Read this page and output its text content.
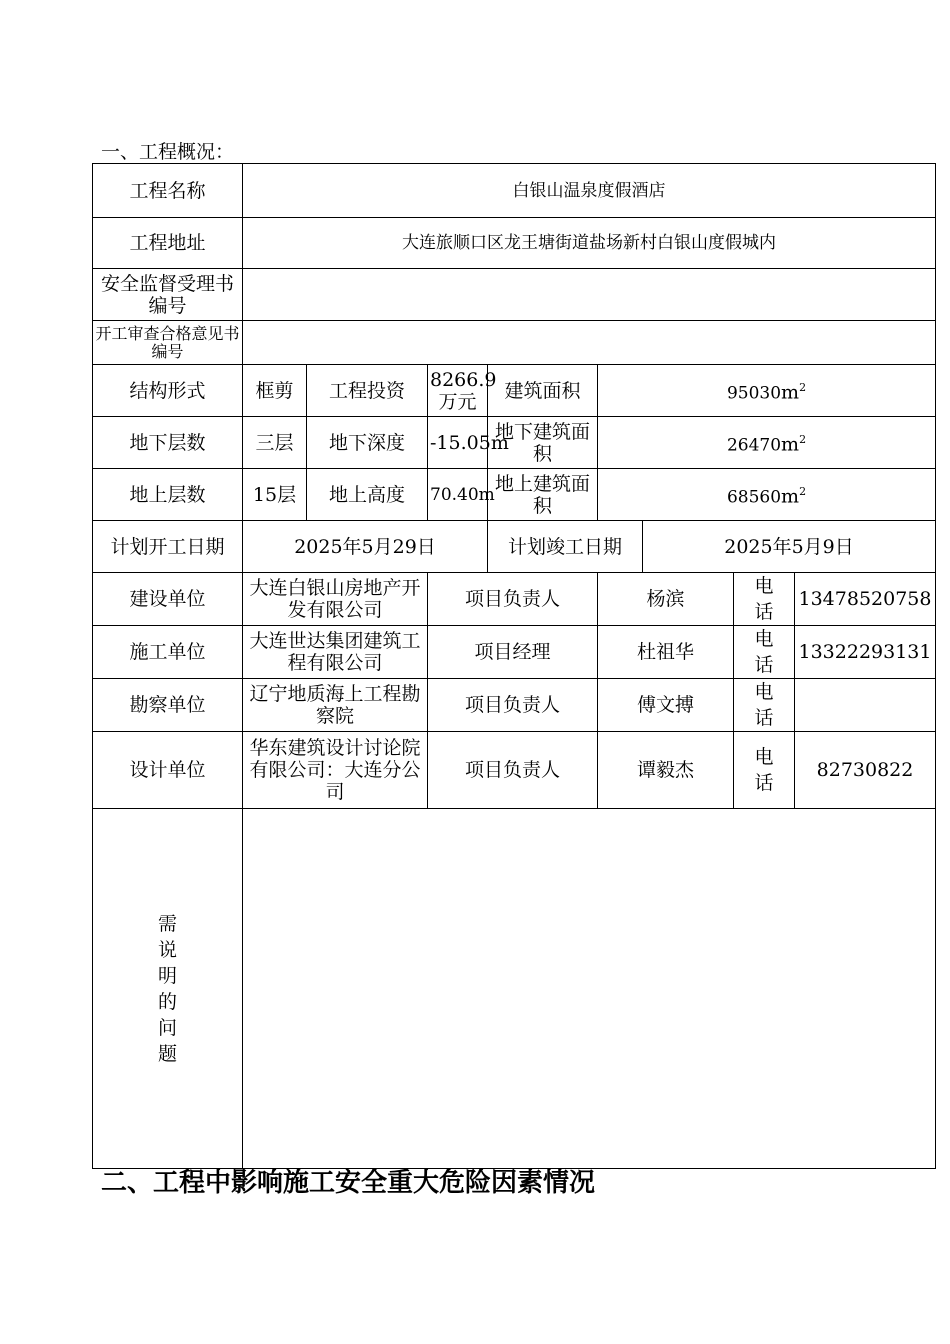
一、工程概况：
工程名称	白银山温泉度假酒店							
工程地址	大连旅顺口区龙王塘街道盐场新村白银山度假城内							
安全监督受理书编号								
开工审查合格意见书编号								
结构形式	框剪	工程投资	8266.9万元	建筑面积	$95030m^2$
地下层数	三层	地下深度	-15.05m	地下建筑面积	$26470m^2$
地上层数	15层	地上高度	70.40m	地上建筑面积	$68560m^2$
计划开工日期	2025年5月29日			计划竣工日期		2025年5月9日		
建设单位	大连白银山房地产开发有限公司		项目负责人		杨滨		电话	13478520758
施工单位	大连世达集团建筑工程有限公司		项目经理		杜祖华		电话	13322293131
勘察单位	辽宁地质海上工程勘察院		项目负责人		傅文搏		电话	
设计单位	华东建筑设计讨论院有限公司：大连分公司		项目负责人		谭毅杰		电话	82730822
需说明的问题								
二、工程中影响施工安全重大危险因素情况
